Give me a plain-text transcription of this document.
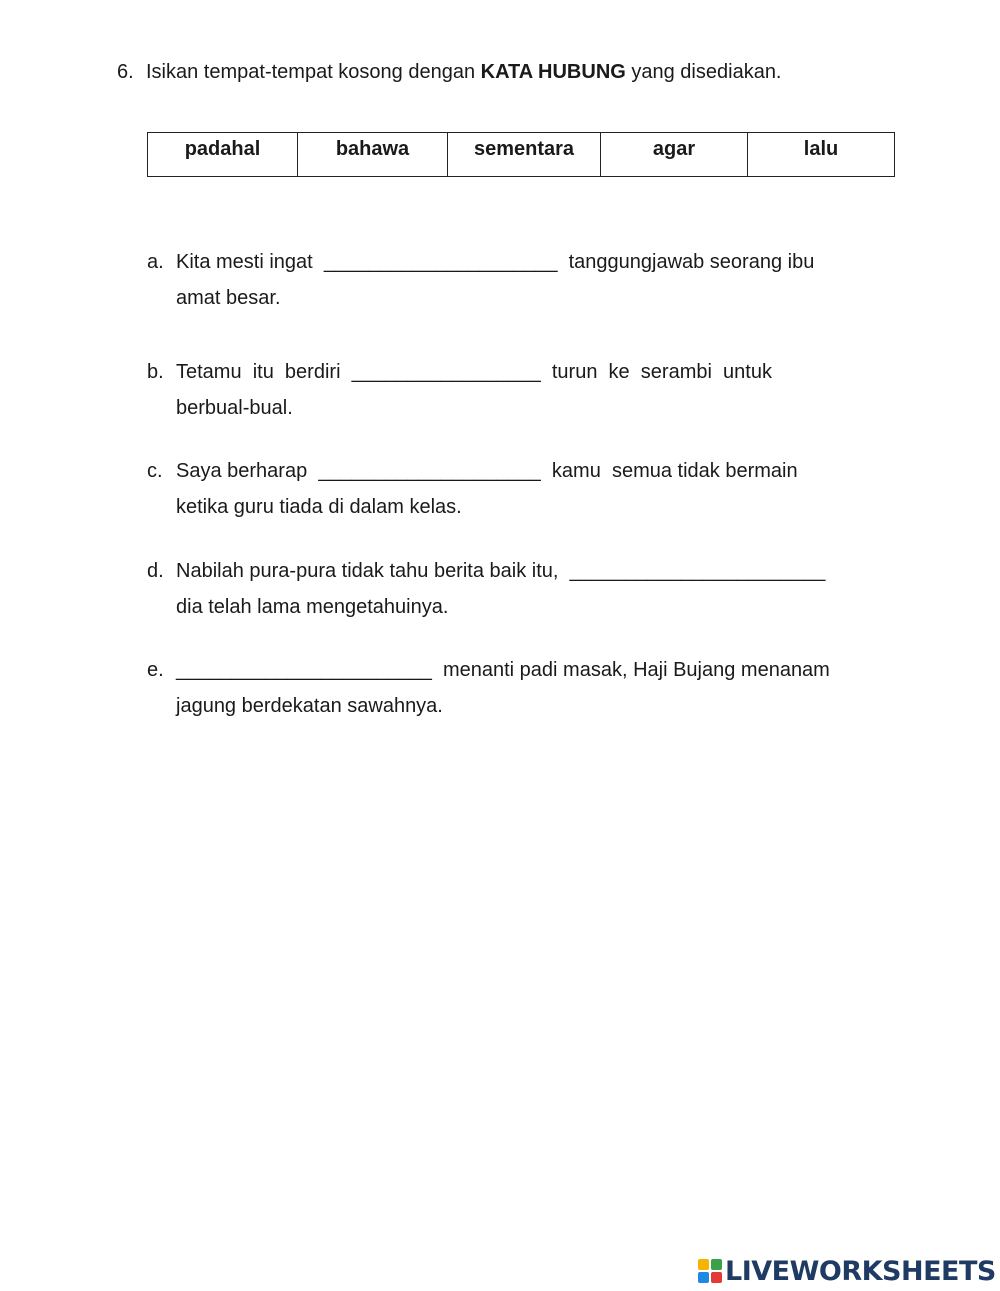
6. Isikan tempat-tempat kosong dengan KATA HUBUNG yang disediakan.
padahal	bahawa	sementara	agar	lalu
a. Kita mesti ingat _____________________ tanggungjawab seorang ibu
amat besar.
b. Tetamu  itu  berdiri _________________ turun  ke  serambi  untuk
berbual-bual.
c. Saya berharap ____________________ kamu  semua tidak bermain
ketika guru tiada di dalam kelas.
d. Nabilah pura-pura tidak tahu berita baik itu, _______________________
dia telah lama mengetahuinya.
e. _______________________ menanti padi masak, Haji Bujang menanam
jagung berdekatan sawahnya.
LIVEWORKSHEETS
